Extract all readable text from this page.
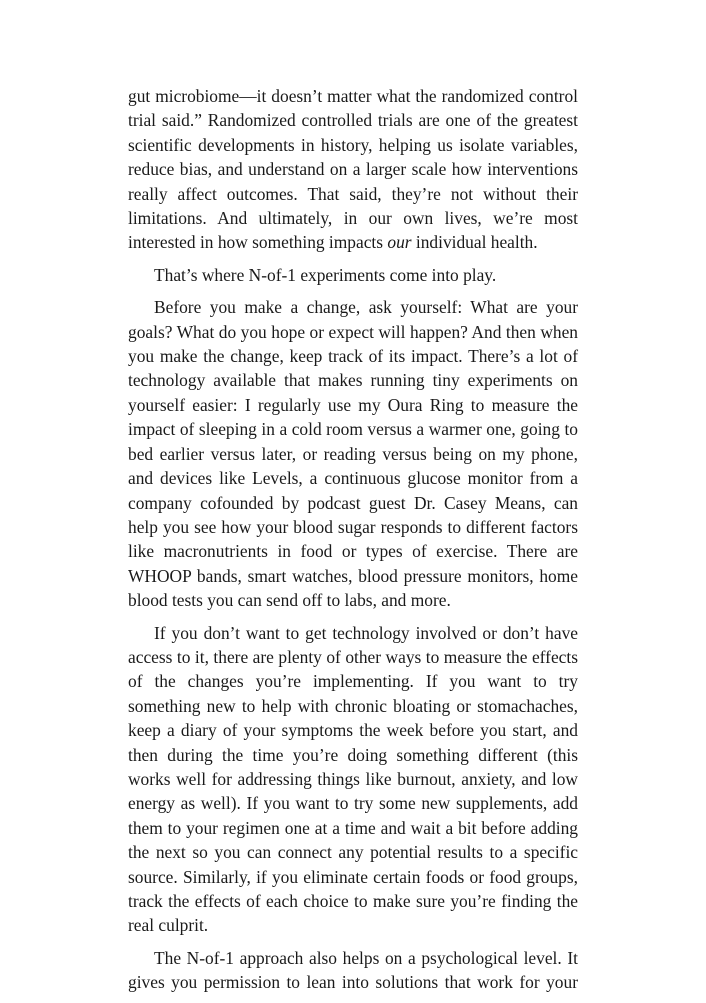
gut microbiome—it doesn’t matter what the randomized control trial said.” Randomized controlled trials are one of the greatest scientific developments in history, helping us isolate variables, reduce bias, and understand on a larger scale how interventions really affect outcomes. That said, they’re not without their limitations. And ultimately, in our own lives, we’re most interested in how something impacts our individual health.

That’s where N-of-1 experiments come into play.

Before you make a change, ask yourself: What are your goals? What do you hope or expect will happen? And then when you make the change, keep track of its impact. There’s a lot of technology available that makes running tiny experiments on yourself easier: I regularly use my Oura Ring to measure the impact of sleeping in a cold room versus a warmer one, going to bed earlier versus later, or reading versus being on my phone, and devices like Levels, a continuous glucose monitor from a company cofounded by podcast guest Dr. Casey Means, can help you see how your blood sugar responds to different factors like macronutrients in food or types of exercise. There are WHOOP bands, smart watches, blood pressure monitors, home blood tests you can send off to labs, and more.

If you don’t want to get technology involved or don’t have access to it, there are plenty of other ways to measure the effects of the changes you’re implementing. If you want to try something new to help with chronic bloating or stomachaches, keep a diary of your symptoms the week before you start, and then during the time you’re doing something different (this works well for addressing things like burnout, anxiety, and low energy as well). If you want to try some new supplements, add them to your regimen one at a time and wait a bit before adding the next so you can connect any potential results to a specific source. Similarly, if you eliminate certain foods or food groups, track the effects of each choice to make sure you’re finding the real culprit.

The N-of-1 approach also helps on a psychological level. It gives you permission to lean into solutions that work for your
